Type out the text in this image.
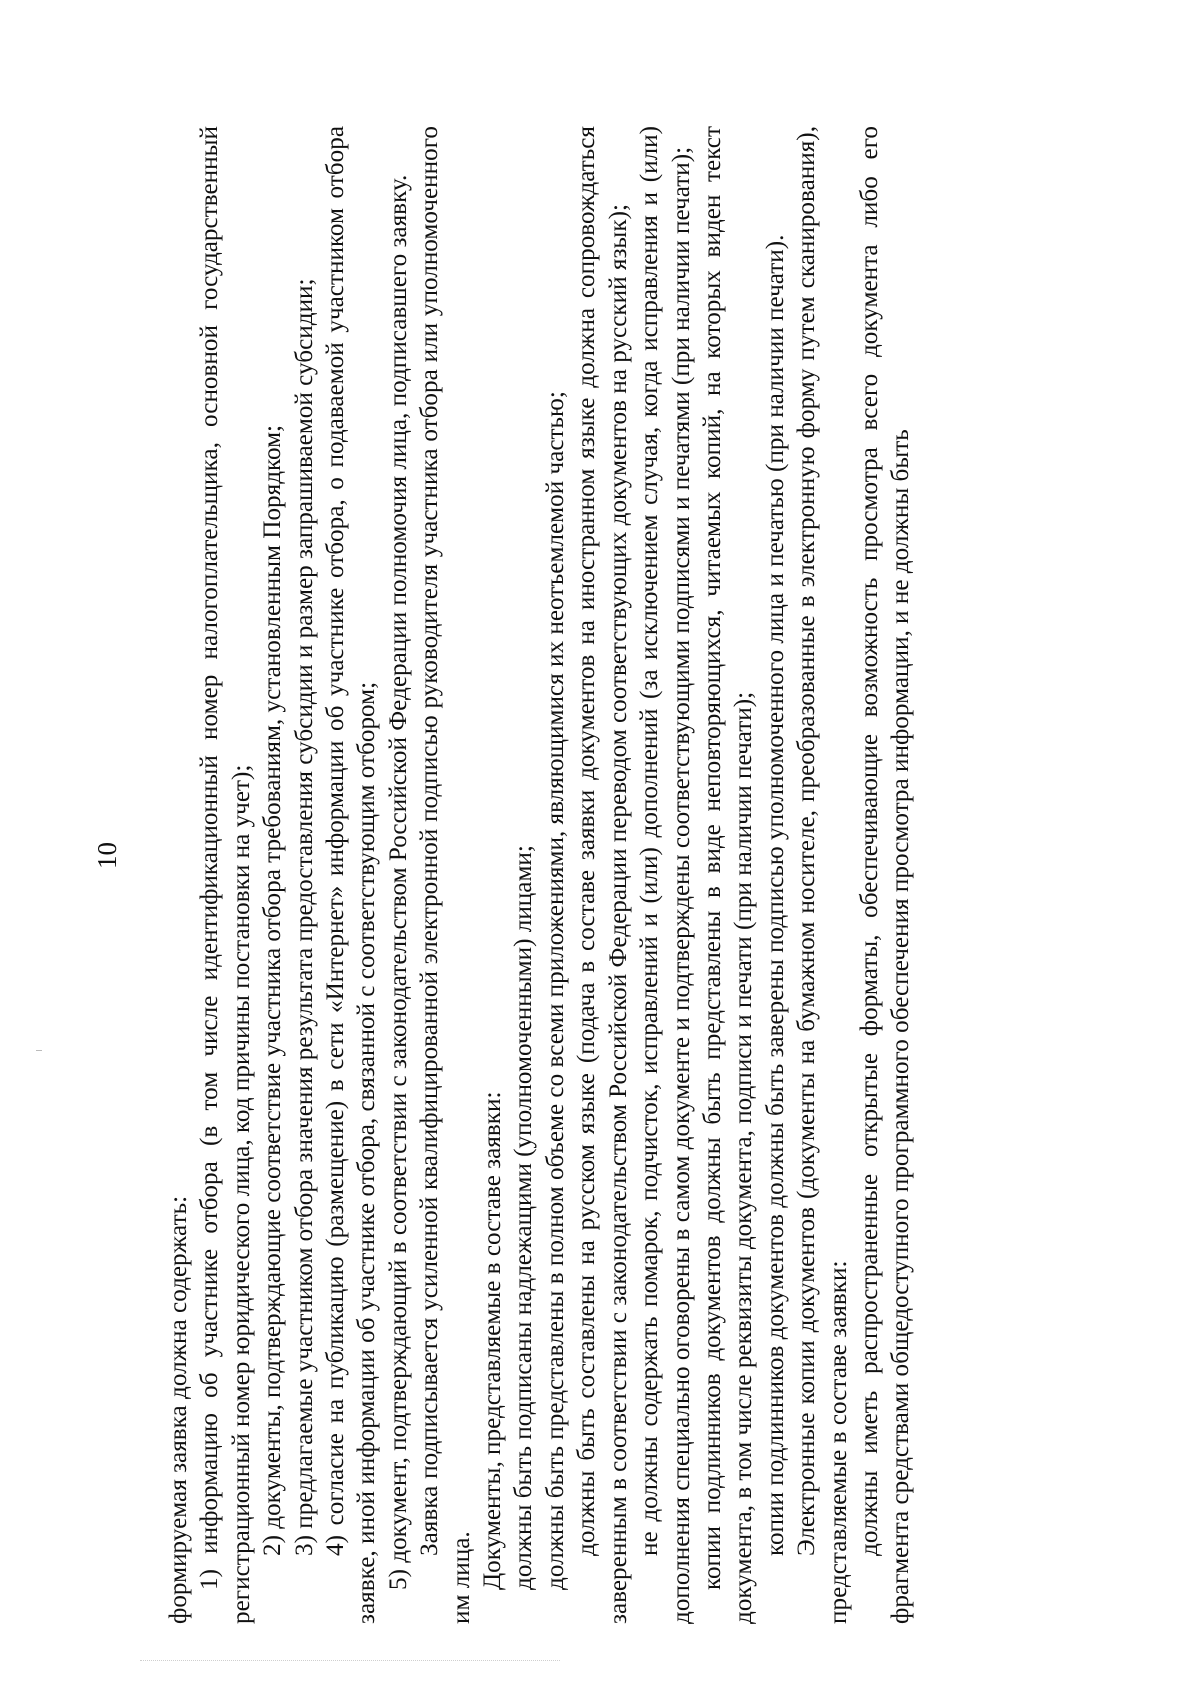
10

формируемая заявка должна содержать: 1) информацию об участнике отбора (в том числе идентификационный номер налогоплательщика, основной государственный регистрационный номер юридического лица, код причины постановки на учет); 2) документы, подтверждающие соответствие участника отбора требованиям, установленным Порядком; 3) предлагаемые участником отбора значения результата предоставления субсидии и размер запрашиваемой субсидии; 4) согласие на публикацию (размещение) в сети «Интернет» информации об участнике отбора, о подаваемой участником отбора заявке, иной информации об участнике отбора, связанной с соответствующим отбором; 5) документ, подтверждающий в соответствии с законодательством Российской Федерации полномочия лица, подписавшего заявку. Заявка подписывается усиленной квалифицированной электронной подписью руководителя участника отбора или уполномоченного им лица. Документы, представляемые в составе заявки: должны быть подписаны надлежащими (уполномоченными) лицами; должны быть представлены в полном объеме со всеми приложениями, являющимися их неотъемлемой частью; должны быть составлены на русском языке (подача в составе заявки документов на иностранном языке должна сопровождаться заверенным в соответствии с законодательством Российской Федерации переводом соответствующих документов на русский язык); не должны содержать помарок, подчисток, исправлений и (или) дополнений (за исключением случая, когда исправления и (или) дополнения специально оговорены в самом документе и подтверждены соответствующими подписями и печатями (при наличии печати); копии подлинников документов должны быть представлены в виде неповторяющихся, читаемых копий, на которых виден текст документа, в том числе реквизиты документа, подписи и печати (при наличии печати); копии подлинников документов должны быть заверены подписью уполномоченного лица и печатью (при наличии печати). Электронные копии документов (документы на бумажном носителе, преобразованные в электронную форму путем сканирования), представляемые в составе заявки: должны иметь распространенные открытые форматы, обеспечивающие возможность просмотра всего документа либо его фрагмента средствами общедоступного программного обеспечения просмотра информации, и не должны быть
